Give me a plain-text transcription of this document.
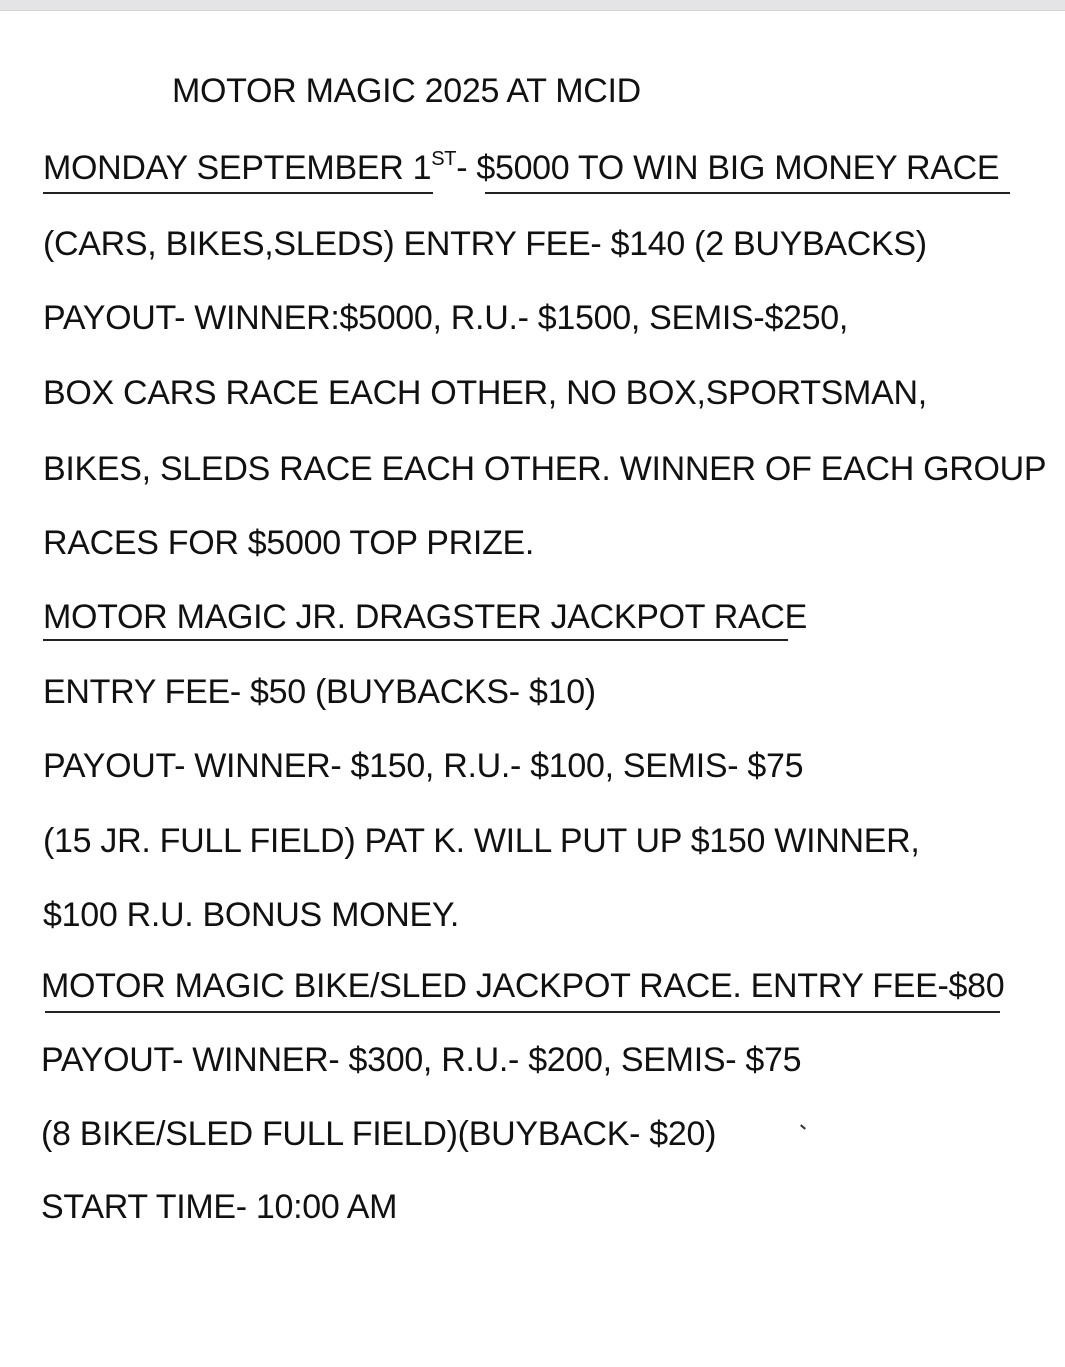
MOTOR MAGIC 2025 AT MCID
MONDAY SEPTEMBER 1ST- $5000 TO WIN BIG MONEY RACE
(CARS, BIKES,SLEDS) ENTRY FEE- $140 (2 BUYBACKS)
PAYOUT- WINNER:$5000, R.U.- $1500, SEMIS-$250,
BOX CARS RACE EACH OTHER, NO BOX,SPORTSMAN,
BIKES, SLEDS RACE EACH OTHER. WINNER OF EACH GROUP
RACES FOR $5000 TOP PRIZE.
MOTOR MAGIC JR. DRAGSTER JACKPOT RACE
ENTRY FEE- $50 (BUYBACKS- $10)
PAYOUT- WINNER- $150, R.U.- $100, SEMIS- $75
(15 JR. FULL FIELD) PAT K. WILL PUT UP $150 WINNER,
$100 R.U. BONUS MONEY.
MOTOR MAGIC BIKE/SLED JACKPOT RACE. ENTRY FEE-$80
PAYOUT- WINNER- $300, R.U.- $200, SEMIS- $75
(8 BIKE/SLED FULL FIELD)(BUYBACK- $20)
START TIME- 10:00 AM
